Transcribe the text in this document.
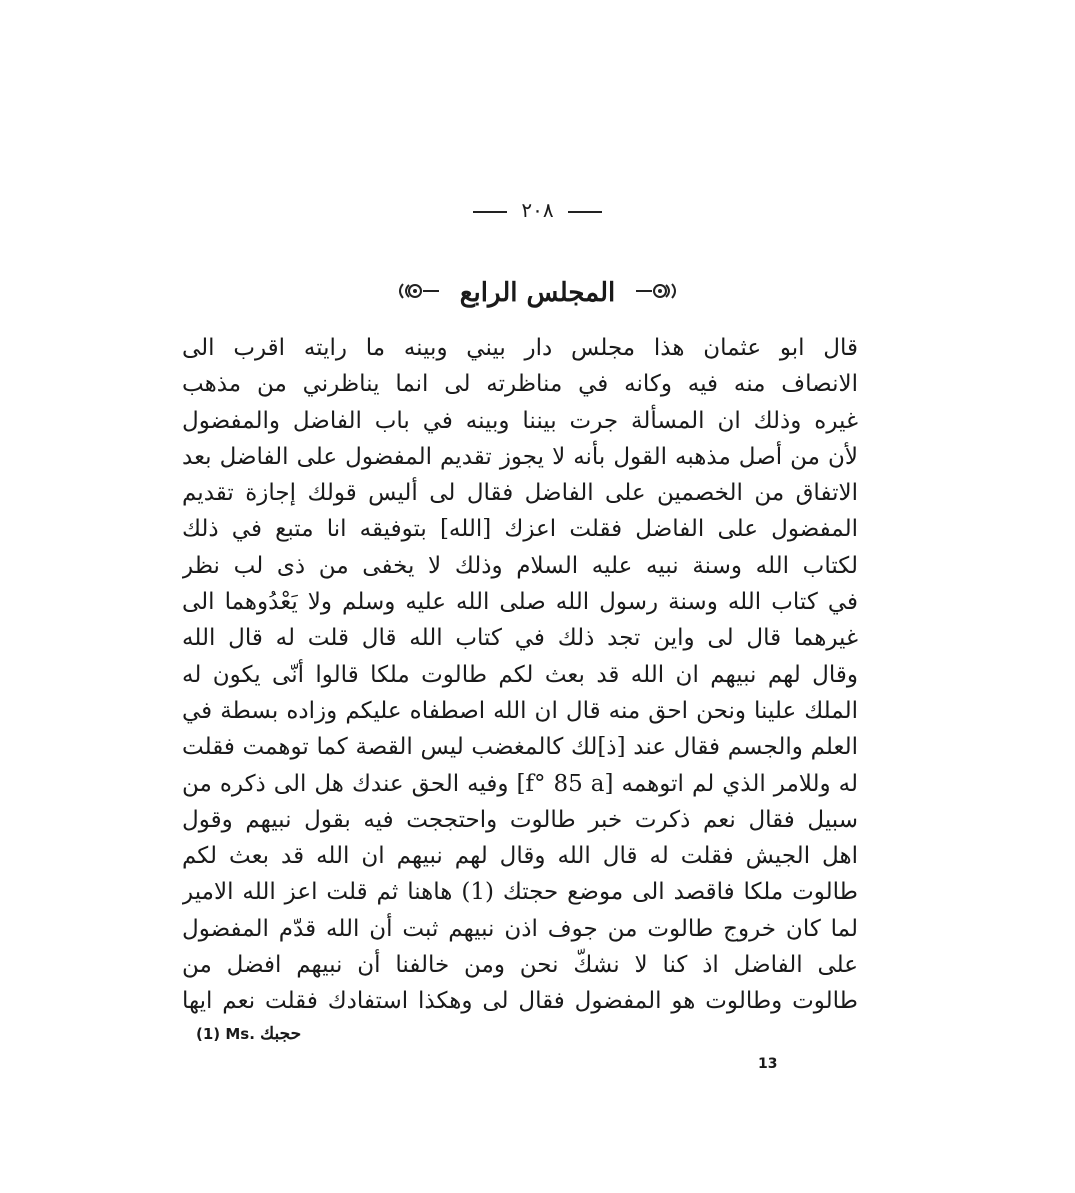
٢٠٨
المجلس الرابع
قال ابو عثمان هذا مجلس دار بيني وبينه ما رايته اقرب الى
الانصاف منه فيه وكانه في مناظرته لى انما يناظرني من مذهب
غيره وذلك ان المسألة جرت بيننا وبينه في باب الفاضل والمفضول
لأن من أصل مذهبه القول بأنه لا يجوز تقديم المفضول على الفاضل بعد
الاتفاق من الخصمين على الفاضل فقال لى أليس قولك إجازة تقديم
المفضول على الفاضل فقلت اعزك [الله] بتوفيقه انا متبع في ذلك
لكتاب الله وسنة نبيه عليه السلام وذلك لا يخفى من ذى لب نظر
في كتاب الله وسنة رسول الله صلى الله عليه وسلم ولا يَعْدُوهما الى
غيرهما قال لى واين تجد ذلك في كتاب الله قال قلت له قال الله
وقال لهم نبيهم ان الله قد بعث لكم طالوت ملكا قالوا أنّى يكون له
الملك علينا ونحن احق منه قال ان الله اصطفاه عليكم وزاده بسطة في
العلم والجسم فقال عند [ذ]لك كالمغضب ليس القصة كما توهمت فقلت
له وللامر الذي لم اتوهمه [f° 85 a] وفيه الحق عندك هل الى ذكره من
سبيل فقال نعم ذكرت خبر طالوت واحتججت فيه بقول نبيهم وقول
اهل الجيش فقلت له قال الله وقال لهم نبيهم ان الله قد بعث لكم
طالوت ملكا فاقصد الى موضع حجتك (1) هاهنا ثم قلت اعز الله الامير
لما كان خروج طالوت من جوف اذن نبيهم ثبت أن الله قدّم المفضول
على الفاضل اذ كنا لا نشكّ نحن ومن خالفنا أن نبيهم افضل من
طالوت وطالوت هو المفضول فقال لى وهكذا استفادك فقلت نعم ايها
(1) Ms. حجبك
13
